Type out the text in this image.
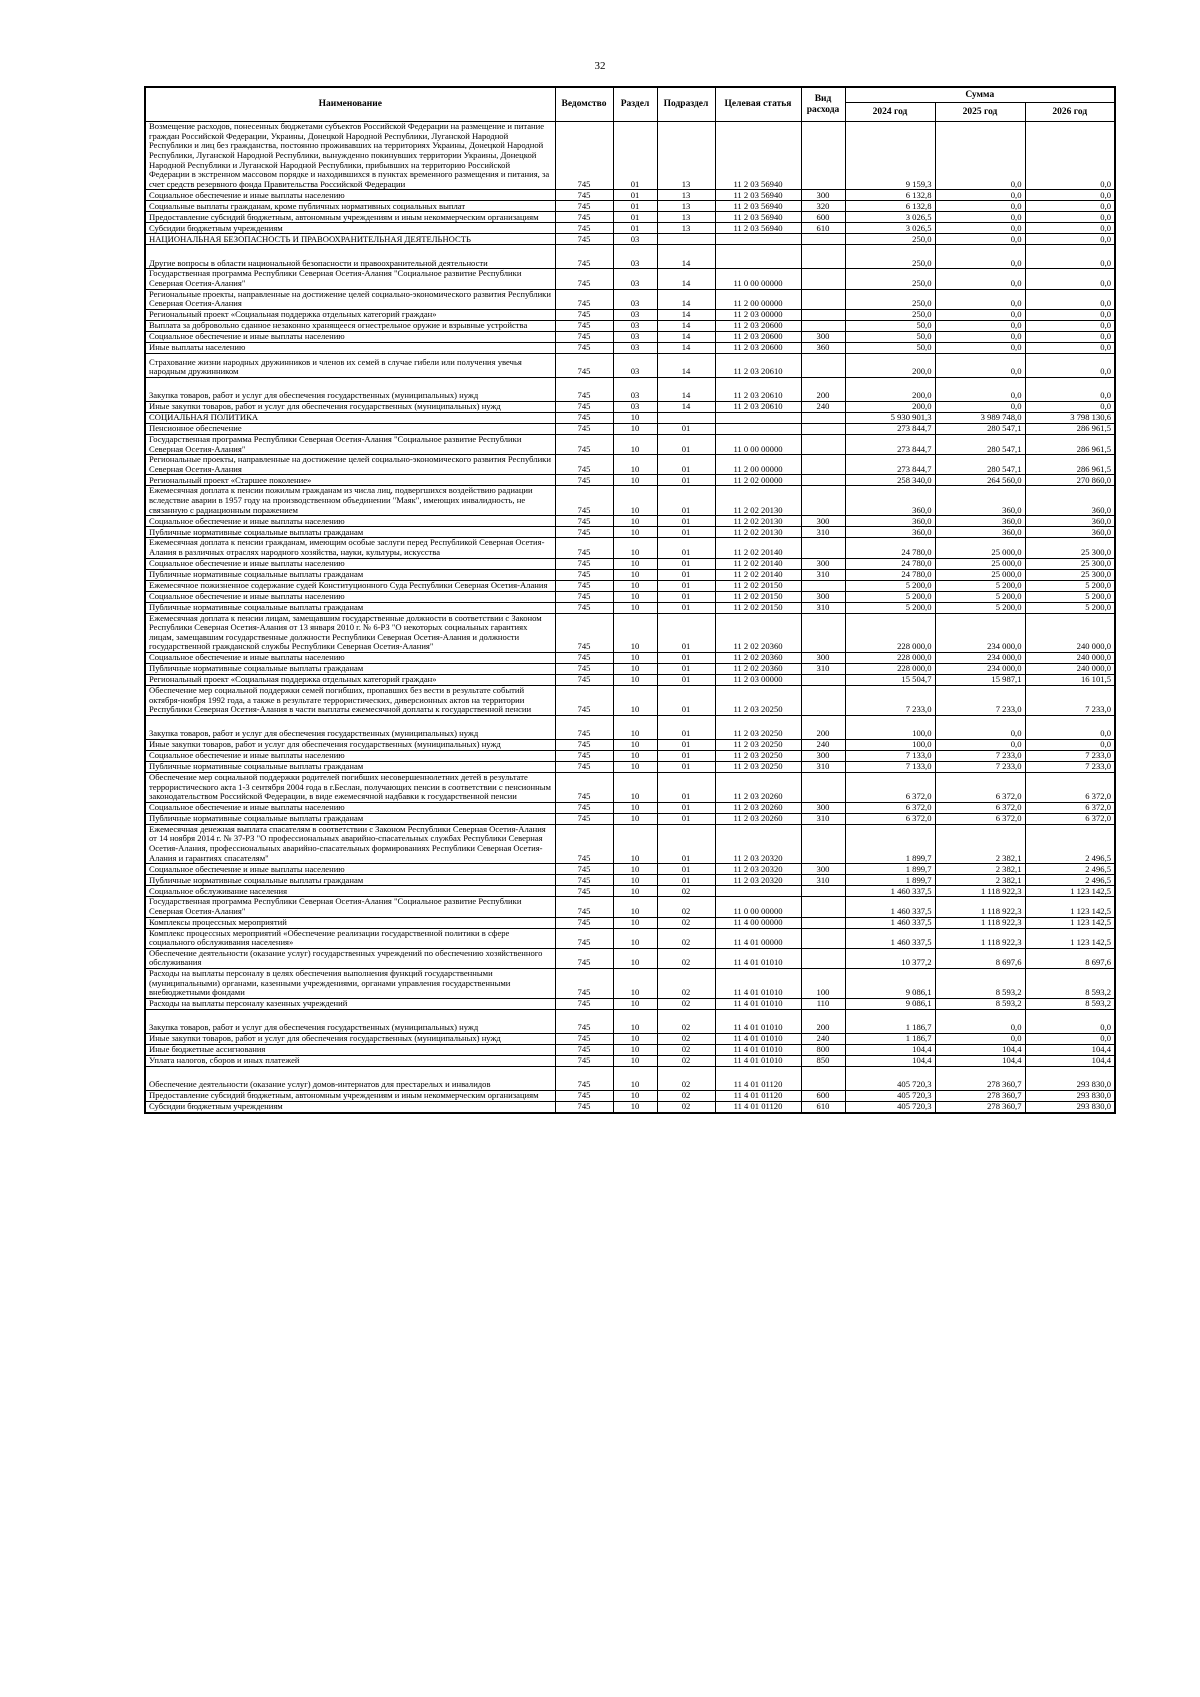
32
Наименование	Ведомство	Раздел	Подраздел	Целевая статья	Вид расхода	Сумма		
						2024 год	2025 год	2026 год
Возмещение расходов, понесенных бюджетами субъектов Российской Федерации на размещение и питание граждан Российской Федерации, Украины, Донецкой Народной Республики, Луганской Народной Республики и лиц без гражданства, постоянно проживавших на территориях Украины, Донецкой Народной Республики, Луганской Народной Республики, вынужденно покинувших территории Украины, Донецкой Народной Республики и Луганской Народной Республики, прибывших на территорию Российской Федерации в экстренном массовом порядке и находившихся в пунктах временного размещения и питания, за счет средств резервного фонда Правительства Российской Федерации	745	01	13	11 2 03 56940		9 159,3	0,0	0,0
Социальное обеспечение и иные выплаты населению	745	01	13	11 2 03 56940	300	6 132,8	0,0	0,0
Социальные выплаты гражданам, кроме публичных нормативных социальных выплат	745	01	13	11 2 03 56940	320	6 132,8	0,0	0,0
Предоставление субсидий бюджетным, автономным учреждениям и иным некоммерческим организациям	745	01	13	11 2 03 56940	600	3 026,5	0,0	0,0
Субсидии бюджетным учреждениям	745	01	13	11 2 03 56940	610	3 026,5	0,0	0,0
НАЦИОНАЛЬНАЯ БЕЗОПАСНОСТЬ И ПРАВООХРАНИТЕЛЬНАЯ ДЕЯТЕЛЬНОСТЬ	745	03				250,0	0,0	0,0
Другие вопросы в области национальной безопасности и правоохранительной деятельности	745	03	14			250,0	0,0	0,0
Государственная программа Республики Северная Осетия-Алания "Социальное развитие Республики Северная Осетия-Алания"	745	03	14	11 0 00 00000		250,0	0,0	0,0
Региональные проекты, направленные на достижение целей социально-экономического развития Республики Северная Осетия-Алания	745	03	14	11 2 00 00000		250,0	0,0	0,0
Региональный проект «Социальная поддержка отдельных категорий граждан»	745	03	14	11 2 03 00000		250,0	0,0	0,0
Выплата за добровольно сданное незаконно хранящееся огнестрельное оружие и взрывные устройства	745	03	14	11 2 03 20600		50,0	0,0	0,0
Социальное обеспечение и иные выплаты населению	745	03	14	11 2 03 20600	300	50,0	0,0	0,0
Иные выплаты населению	745	03	14	11 2 03 20600	360	50,0	0,0	0,0
Страхование жизни народных дружинников и членов их семей в случае гибели или получения увечья народным дружинником	745	03	14	11 2 03 20610		200,0	0,0	0,0
Закупка товаров, работ и услуг для обеспечения государственных (муниципальных) нужд	745	03	14	11 2 03 20610	200	200,0	0,0	0,0
Иные закупки товаров, работ и услуг для обеспечения государственных (муниципальных) нужд	745	03	14	11 2 03 20610	240	200,0	0,0	0,0
СОЦИАЛЬНАЯ ПОЛИТИКА	745	10				5 930 901,3	3 989 748,0	3 798 130,6
Пенсионное обеспечение	745	10	01			273 844,7	280 547,1	286 961,5
Государственная программа Республики Северная Осетия-Алания "Социальное развитие Республики Северная Осетия-Алания"	745	10	01	11 0 00 00000		273 844,7	280 547,1	286 961,5
Региональные проекты, направленные на достижение целей социально-экономического развития Республики Северная Осетия-Алания	745	10	01	11 2 00 00000		273 844,7	280 547,1	286 961,5
Региональный проект «Старшее поколение»	745	10	01	11 2 02 00000		258 340,0	264 560,0	270 860,0
Ежемесячная доплата к пенсии пожилым гражданам из числа лиц, подвергшихся воздействию радиации вследствие аварии в 1957 году на производственном объединении "Маяк", имеющих инвалидность, не связанную с радиационным поражением	745	10	01	11 2 02 20130		360,0	360,0	360,0
Социальное обеспечение и иные выплаты населению	745	10	01	11 2 02 20130	300	360,0	360,0	360,0
Публичные нормативные социальные выплаты гражданам	745	10	01	11 2 02 20130	310	360,0	360,0	360,0
Ежемесячная доплата к пенсии гражданам, имеющим особые заслуги перед Республикой Северная Осетия-Алания в различных отраслях народного хозяйства, науки, культуры, искусства	745	10	01	11 2 02 20140		24 780,0	25 000,0	25 300,0
Социальное обеспечение и иные выплаты населению	745	10	01	11 2 02 20140	300	24 780,0	25 000,0	25 300,0
Публичные нормативные социальные выплаты гражданам	745	10	01	11 2 02 20140	310	24 780,0	25 000,0	25 300,0
Ежемесячное пожизненное содержание судей Конституционного Суда Республики Северная Осетия-Алания	745	10	01	11 2 02 20150		5 200,0	5 200,0	5 200,0
Социальное обеспечение и иные выплаты населению	745	10	01	11 2 02 20150	300	5 200,0	5 200,0	5 200,0
Публичные нормативные социальные выплаты гражданам	745	10	01	11 2 02 20150	310	5 200,0	5 200,0	5 200,0
Ежемесячная доплата к пенсии лицам, замещавшим государственные должности в соответствии с Законом Республики Северная Осетия-Алания от 13 января 2010 г. № 6-РЗ "О некоторых социальных гарантиях лицам, замещавшим государственные должности Республики Северная Осетия-Алания и должности государственной гражданской службы Республики Северная Осетия-Алания"	745	10	01	11 2 02 20360		228 000,0	234 000,0	240 000,0
Социальное обеспечение и иные выплаты населению	745	10	01	11 2 02 20360	300	228 000,0	234 000,0	240 000,0
Публичные нормативные социальные выплаты гражданам	745	10	01	11 2 02 20360	310	228 000,0	234 000,0	240 000,0
Региональный проект «Социальная поддержка отдельных категорий граждан»	745	10	01	11 2 03 00000		15 504,7	15 987,1	16 101,5
Обеспечение мер социальной поддержки семей погибших, пропавших без вести в результате событий октября-ноября 1992 года, а также в результате террористических, диверсионных актов на территории Республики Северная Осетия-Алания в части выплаты ежемесячной доплаты к государственной пенсии	745	10	01	11 2 03 20250		7 233,0	7 233,0	7 233,0
Закупка товаров, работ и услуг для обеспечения государственных (муниципальных) нужд	745	10	01	11 2 03 20250	200	100,0	0,0	0,0
Иные закупки товаров, работ и услуг для обеспечения государственных (муниципальных) нужд	745	10	01	11 2 03 20250	240	100,0	0,0	0,0
Социальное обеспечение и иные выплаты населению	745	10	01	11 2 03 20250	300	7 133,0	7 233,0	7 233,0
Публичные нормативные социальные выплаты гражданам	745	10	01	11 2 03 20250	310	7 133,0	7 233,0	7 233,0
Обеспечение мер социальной поддержки родителей погибших несовершеннолетних детей в результате террористического акта 1-3 сентября 2004 года в г.Беслан, получающих пенсии в соответствии с пенсионным законодательством Российской Федерации, в виде ежемесячной надбавки к государственной пенсии	745	10	01	11 2 03 20260		6 372,0	6 372,0	6 372,0
Социальное обеспечение и иные выплаты населению	745	10	01	11 2 03 20260	300	6 372,0	6 372,0	6 372,0
Публичные нормативные социальные выплаты гражданам	745	10	01	11 2 03 20260	310	6 372,0	6 372,0	6 372,0
Ежемесячная денежная выплата спасателям в соответствии с Законом Республики Северная Осетия-Алания от 14 ноября 2014 г. № 37-РЗ "О профессиональных аварийно-спасательных службах Республики Северная Осетия-Алания, профессиональных аварийно-спасательных формированиях Республики Северная Осетия-Алания и гарантиях спасателям"	745	10	01	11 2 03 20320		1 899,7	2 382,1	2 496,5
Социальное обеспечение и иные выплаты населению	745	10	01	11 2 03 20320	300	1 899,7	2 382,1	2 496,5
Публичные нормативные социальные выплаты гражданам	745	10	01	11 2 03 20320	310	1 899,7	2 382,1	2 496,5
Социальное обслуживание населения	745	10	02			1 460 337,5	1 118 922,3	1 123 142,5
Государственная программа Республики Северная Осетия-Алания "Социальное развитие Республики Северная Осетия-Алания"	745	10	02	11 0 00 00000		1 460 337,5	1 118 922,3	1 123 142,5
Комплексы процессных мероприятий	745	10	02	11 4 00 00000		1 460 337,5	1 118 922,3	1 123 142,5
Комплекс процессных мероприятий «Обеспечение реализации государственной политики в сфере социального обслуживания населения»	745	10	02	11 4 01 00000		1 460 337,5	1 118 922,3	1 123 142,5
Обеспечение деятельности (оказание услуг) государственных учреждений по обеспечению хозяйственного обслуживания	745	10	02	11 4 01 01010		10 377,2	8 697,6	8 697,6
Расходы на выплаты персоналу в целях обеспечения выполнения функций государственными (муниципальными) органами, казенными учреждениями, органами управления государственными внебюджетными фондами	745	10	02	11 4 01 01010	100	9 086,1	8 593,2	8 593,2
Расходы на выплаты персоналу казенных учреждений	745	10	02	11 4 01 01010	110	9 086,1	8 593,2	8 593,2
Закупка товаров, работ и услуг для обеспечения государственных (муниципальных) нужд	745	10	02	11 4 01 01010	200	1 186,7	0,0	0,0
Иные закупки товаров, работ и услуг для обеспечения государственных (муниципальных) нужд	745	10	02	11 4 01 01010	240	1 186,7	0,0	0,0
Иные бюджетные ассигнования	745	10	02	11 4 01 01010	800	104,4	104,4	104,4
Уплата налогов, сборов и иных платежей	745	10	02	11 4 01 01010	850	104,4	104,4	104,4
Обеспечение деятельности (оказание услуг) домов-интернатов для престарелых и инвалидов	745	10	02	11 4 01 01120		405 720,3	278 360,7	293 830,0
Предоставление субсидий бюджетным, автономным учреждениям и иным некоммерческим организациям	745	10	02	11 4 01 01120	600	405 720,3	278 360,7	293 830,0
Субсидии бюджетным учреждениям	745	10	02	11 4 01 01120	610	405 720,3	278 360,7	293 830,0
